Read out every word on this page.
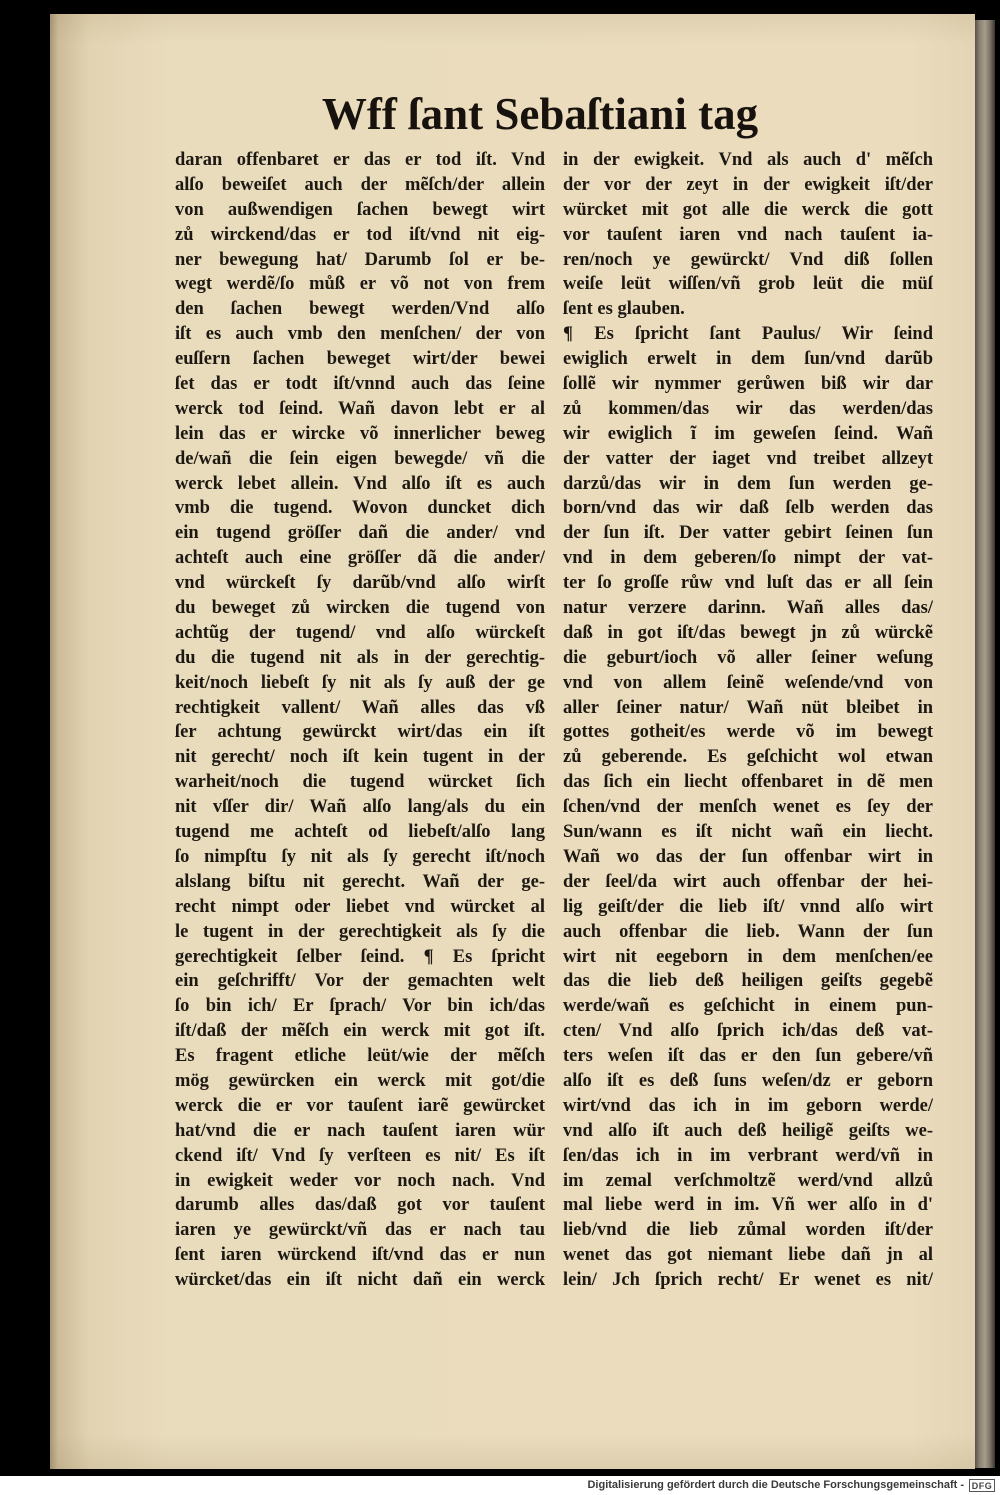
Wff ſant Sebaſtiani tag
daran offenbaret er das er tod iſt. Vnd
alſo beweiſet auch der mẽſch/der allein
von außwendigen ſachen bewegt wirt
zů wirckend/das er tod iſt/vnd nit eig-
ner bewegung hat/ Darumb ſol er be-
wegt werdẽ/ſo můß er võ not von frem
den ſachen bewegt werden/Vnd alſo
iſt es auch vmb den menſchen/ der von
euſſern ſachen beweget wirt/der bewei
ſet das er todt iſt/vnnd auch das ſeine
werck tod ſeind. Wañ davon lebt er al
lein das er wircke võ innerlicher beweg
de/wañ die ſein eigen bewegde/ vñ die
werck lebet allein. Vnd alſo iſt es auch
vmb die tugend. Wovon duncket dich
ein tugend gröſſer dañ die ander/ vnd
achteſt auch eine gröſſer dã die ander/
vnd würckeſt ſy darũb/vnd alſo wirſt
du beweget zů wircken die tugend von
achtũg der tugend/ vnd alſo würckeſt
du die tugend nit als in der gerechtig-
keit/noch liebeſt ſy nit als ſy auß der ge
rechtigkeit vallent/ Wañ alles das vß
ſer achtung gewürckt wirt/das ein iſt
nit gerecht/ noch iſt kein tugent in der
warheit/noch die tugend würcket ſich
nit vſſer dir/ Wañ alſo lang/als du ein
tugend me achteſt od liebeſt/alſo lang
ſo nimpſtu ſy nit als ſy gerecht iſt/noch
alslang biſtu nit gerecht. Wañ der ge-
recht nimpt oder liebet vnd würcket al
le tugent in der gerechtigkeit als ſy die
gerechtigkeit ſelber ſeind. ¶ Es ſpricht
ein geſchrifft/ Vor der gemachten welt
ſo bin ich/ Er ſprach/ Vor bin ich/das
iſt/daß der mẽſch ein werck mit got iſt.
Es fragent etliche leüt/wie der mẽſch
mög gewürcken ein werck mit got/die
werck die er vor tauſent iarẽ gewürcket
hat/vnd die er nach tauſent iaren wür
ckend iſt/ Vnd ſy verſteen es nit/ Es iſt
in ewigkeit weder vor noch nach. Vnd
darumb alles das/daß got vor tauſent
iaren ye gewürckt/vñ das er nach tau
ſent iaren würckend iſt/vnd das er nun
würcket/das ein iſt nicht dañ ein werck
in der ewigkeit. Vnd als auch d' mẽſch
der vor der zeyt in der ewigkeit iſt/der
würcket mit got alle die werck die gott
vor tauſent iaren vnd nach tauſent ia-
ren/noch ye gewürckt/ Vnd diß ſollen
weiſe leüt wiſſen/vñ grob leüt die müſ
ſent es glauben.
¶ Es ſpricht ſant Paulus/ Wir ſeind
ewiglich erwelt in dem ſun/vnd darũb
ſollẽ wir nymmer gerůwen biß wir dar
zů kommen/das wir das werden/das
wir ewiglich ĩ im geweſen ſeind. Wañ
der vatter der iaget vnd treibet allzeyt
darzů/das wir in dem ſun werden ge-
born/vnd das wir daß ſelb werden das
der ſun iſt. Der vatter gebirt ſeinen ſun
vnd in dem geberen/ſo nimpt der vat-
ter ſo groſſe růw vnd luſt das er all ſein
natur verzere darinn. Wañ alles das/
daß in got iſt/das bewegt jn zů würckẽ
die geburt/ioch võ aller ſeiner weſung
vnd von allem ſeinẽ weſende/vnd von
aller ſeiner natur/ Wañ nüt bleibet in
gottes gotheit/es werde võ im bewegt
zů geberende. Es geſchicht wol etwan
das ſich ein liecht offenbaret in dẽ men
ſchen/vnd der menſch wenet es ſey der
Sun/wann es iſt nicht wañ ein liecht.
Wañ wo das der ſun offenbar wirt in
der ſeel/da wirt auch offenbar der hei-
lig geiſt/der die lieb iſt/ vnnd alſo wirt
auch offenbar die lieb. Wann der ſun
wirt nit eegeborn in dem menſchen/ee
das die lieb deß heiligen geiſts gegebẽ
werde/wañ es geſchicht in einem pun-
cten/ Vnd alſo ſprich ich/das deß vat-
ters weſen iſt das er den ſun gebere/vñ
alſo iſt es deß ſuns weſen/dz er geborn
wirt/vnd das ich in im geborn werde/
vnd alſo iſt auch deß heiligẽ geiſts we-
ſen/das ich in im verbrant werd/vñ in
im zemal verſchmoltzẽ werd/vnd allzů
mal liebe werd in im. Vñ wer alſo in d'
lieb/vnd die lieb zůmal worden iſt/der
wenet das got niemant liebe dañ jn al
lein/ Jch ſprich recht/ Er wenet es nit/
Digitalisierung gefördert durch die Deutsche Forschungsgemeinschaft - DFG
